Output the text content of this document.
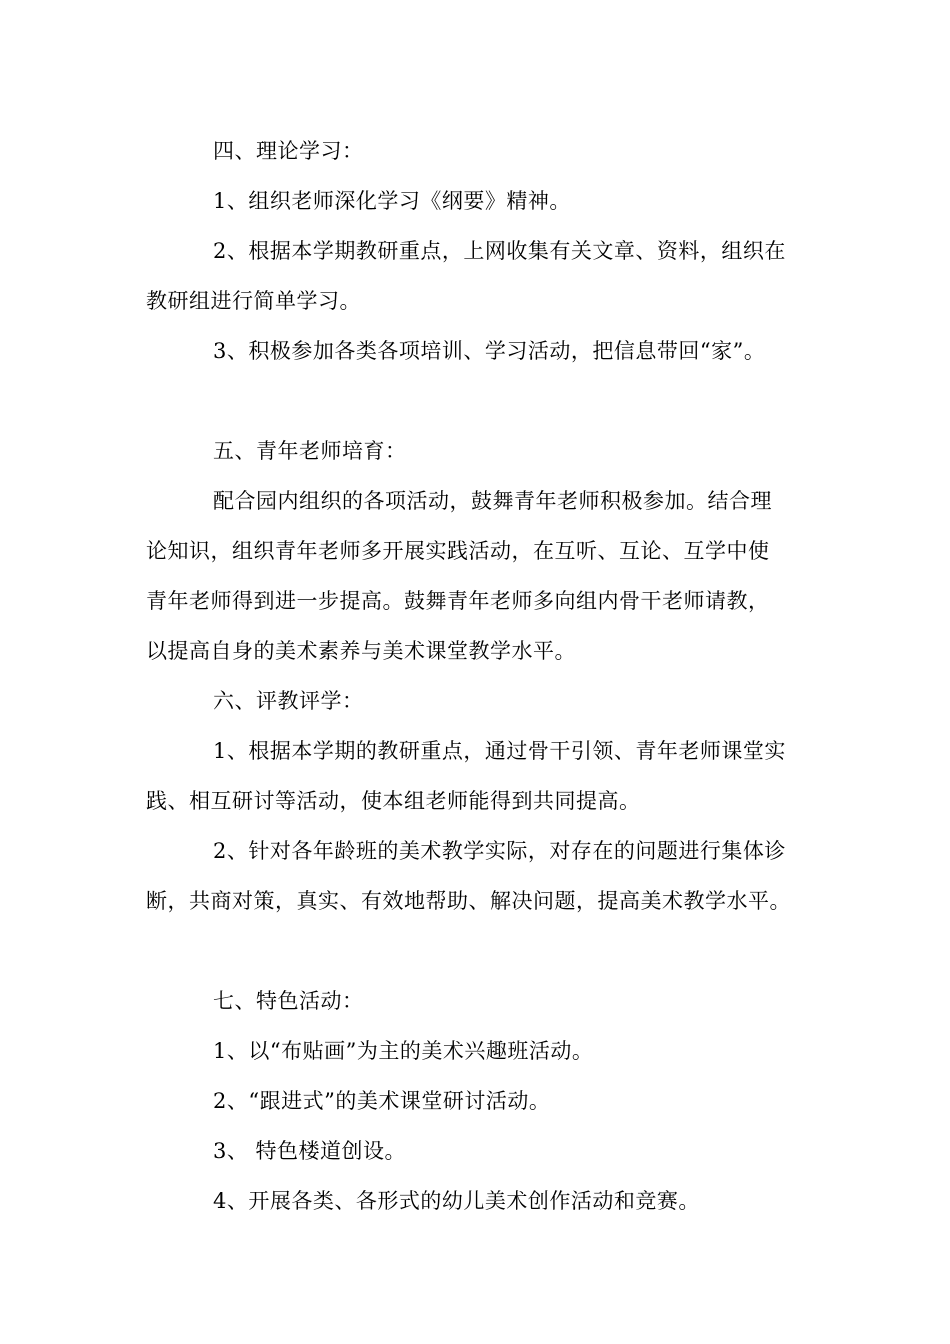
四、理论学习：
1、组织老师深化学习《纲要》精神。
2、根据本学期教研重点，上网收集有关文章、资料，组织在
教研组进行简单学习。
3、积极参加各类各项培训、学习活动，把信息带回“家”。
五、青年老师培育：
配合园内组织的各项活动，鼓舞青年老师积极参加。结合理
论知识，组织青年老师多开展实践活动，在互听、互论、互学中使
青年老师得到进一步提高。鼓舞青年老师多向组内骨干老师请教，
以提高自身的美术素养与美术课堂教学水平。
六、评教评学：
1、根据本学期的教研重点，通过骨干引领、青年老师课堂实
践、相互研讨等活动，使本组老师能得到共同提高。
2、针对各年龄班的美术教学实际，对存在的问题进行集体诊
断，共商对策，真实、有效地帮助、解决问题，提高美术教学水平。
七、特色活动：
1、以“布贴画”为主的美术兴趣班活动。
2、“跟进式”的美术课堂研讨活动。
3、 特色楼道创设。
4、开展各类、各形式的幼儿美术创作活动和竞赛。
